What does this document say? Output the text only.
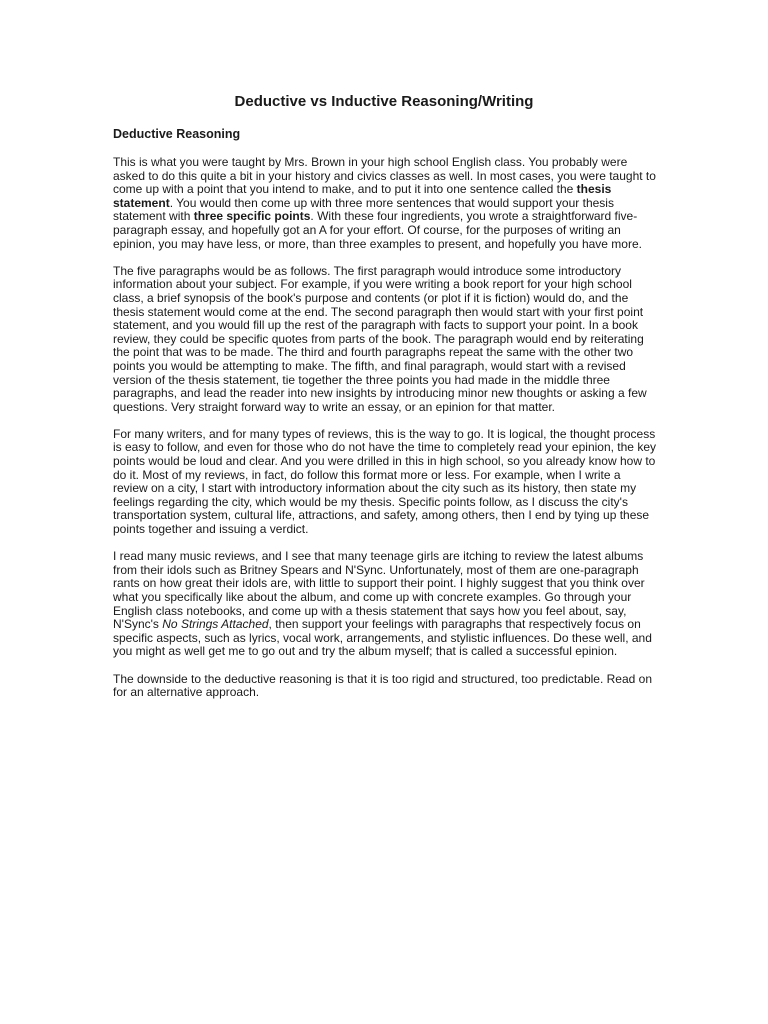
Deductive vs Inductive Reasoning/Writing
Deductive Reasoning

This is what you were taught by Mrs. Brown in your high school English class. You probably were asked to do this quite a bit in your history and civics classes as well. In most cases, you were taught to come up with a point that you intend to make, and to put it into one sentence called the thesis statement. You would then come up with three more sentences that would support your thesis statement with three specific points. With these four ingredients, you wrote a straightforward five-paragraph essay, and hopefully got an A for your effort. Of course, for the purposes of writing an epinion, you may have less, or more, than three examples to present, and hopefully you have more.

The five paragraphs would be as follows. The first paragraph would introduce some introductory information about your subject. For example, if you were writing a book report for your high school class, a brief synopsis of the book's purpose and contents (or plot if it is fiction) would do, and the thesis statement would come at the end. The second paragraph then would start with your first point statement, and you would fill up the rest of the paragraph with facts to support your point. In a book review, they could be specific quotes from parts of the book. The paragraph would end by reiterating the point that was to be made. The third and fourth paragraphs repeat the same with the other two points you would be attempting to make. The fifth, and final paragraph, would start with a revised version of the thesis statement, tie together the three points you had made in the middle three paragraphs, and lead the reader into new insights by introducing minor new thoughts or asking a few questions. Very straight forward way to write an essay, or an epinion for that matter.

For many writers, and for many types of reviews, this is the way to go. It is logical, the thought process is easy to follow, and even for those who do not have the time to completely read your epinion, the key points would be loud and clear. And you were drilled in this in high school, so you already know how to do it. Most of my reviews, in fact, do follow this format more or less. For example, when I write a review on a city, I start with introductory information about the city such as its history, then state my feelings regarding the city, which would be my thesis. Specific points follow, as I discuss the city's transportation system, cultural life, attractions, and safety, among others, then I end by tying up these points together and issuing a verdict.

I read many music reviews, and I see that many teenage girls are itching to review the latest albums from their idols such as Britney Spears and N'Sync. Unfortunately, most of them are one-paragraph rants on how great their idols are, with little to support their point. I highly suggest that you think over what you specifically like about the album, and come up with concrete examples. Go through your English class notebooks, and come up with a thesis statement that says how you feel about, say, N'Sync's No Strings Attached, then support your feelings with paragraphs that respectively focus on specific aspects, such as lyrics, vocal work, arrangements, and stylistic influences. Do these well, and you might as well get me to go out and try the album myself; that is called a successful epinion.

The downside to the deductive reasoning is that it is too rigid and structured, too predictable. Read on for an alternative approach.
